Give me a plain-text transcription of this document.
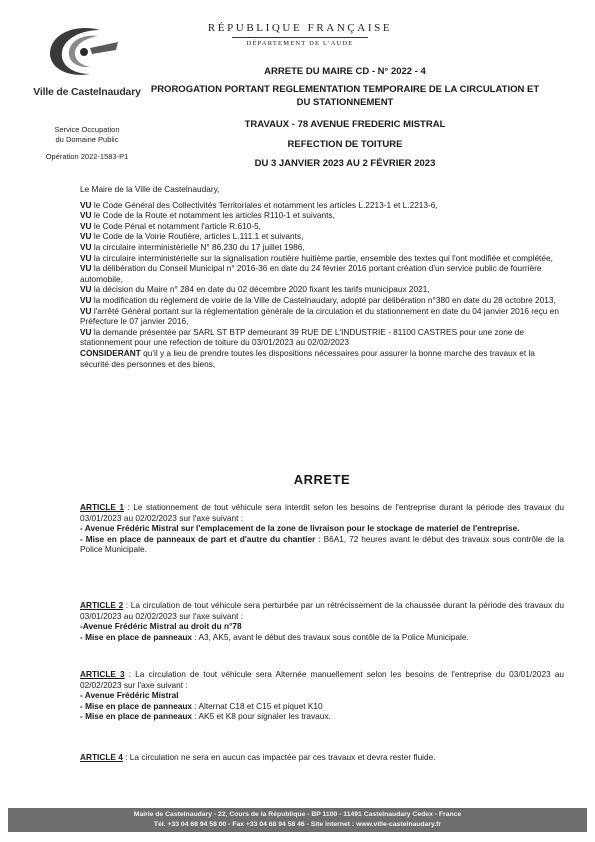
Ville de Castelnaudary
Service Occupation
du Domaine Public
Opération 2022-1583-P1
RÉPUBLIQUE FRANÇAISE
DÉPARTEMENT DE L'AUDE
ARRETE DU MAIRE CD - N° 2022 - 4
PROROGATION PORTANT REGLEMENTATION TEMPORAIRE DE LA CIRCULATION ET
DU STATIONNEMENT
TRAVAUX - 78 AVENUE FREDERIC MISTRAL
REFECTION DE TOITURE
DU 3 JANVIER 2023 AU 2 FÉVRIER 2023

Le Maire de la Ville de Castelnaudary,

VU le Code Général des Collectivités Territoriales et notamment les articles L.2213-1 et L.2213-6,

VU le Code de la Route et notamment les articles R110-1 et suivants,

VU le Code Pénal et notamment l'article R.610-5,

VU le Code de la Voirie Routière, articles L.111.1 et suivants,

VU la circulaire interministérielle N° 86.230 du 17 juillet 1986,

VU la circulaire interministérielle sur la signalisation routière huitième partie, ensemble des textes qui l'ont modifiée et complétée,

VU la délibération du Conseil Municipal n° 2016-36 en date du 24 février 2016 portant création d'un service public de fourrière automobile,

VU la décision du Maire n° 284 en date du 02 décembre 2020 fixant les tarifs municipaux 2021,

VU la modification du règlement de voirie de la Ville de Castelnaudary, adopté par délibération n°380 en date du 28 octobre 2013,

VU l'arrêté Général portant sur la réglementation générale de la circulation et du stationnement en date du 04 janvier 2016 reçu en Préfecture le 07 janvier 2016,

VU la demande présentée par SARL ST BTP demeurant 39 RUE DE L'INDUSTRIE - 81100 CASTRES pour une zone de stationnement pour une refection de toiture du 03/01/2023 au 02/02/2023

CONSIDERANT qu'il y a lieu de prendre toutes les dispositions nécessaires pour assurer la bonne marche des travaux et la sécurité des personnes et des biens,

ARRETE

ARTICLE 1 : Le stationnement de tout véhicule sera interdit selon les besoins de l'entreprise durant la période des travaux du 03/01/2023 au 02/02/2023 sur l'axe suivant :

- Avenue Frédéric Mistral sur l'emplacement de la zone de livraison pour le stockage de materiel de l'entreprise.

- Mise en place de panneaux de part et d'autre du chantier : B6A1, 72 heures avant le début des travaux sous contrôle de la Police Municipale.

ARTICLE 2 : La circulation de tout véhicule sera perturbée par un rétrécissement de la chaussée durant la période des travaux du 03/01/2023 au 02/02/2023 sur l'axe suivant :

-Avenue Frédéric Mistral au droit du n°78

- Mise en place de panneaux : A3, AK5, avant le début des travaux sous contôle de la Police Municipale.

ARTICLE 3 : La circulation de tout véhicule sera Alternée manuellement selon les besoins de l'entreprise du 03/01/2023 au 02/02/2023 sur l'axe suivant :

- Avenue Frédéric Mistral

- Mise en place de panneaux : Alternat C18 et C15 et piquet K10

- Mise en place de panneaux : AK5 et K8 pour signaler les travaux.

ARTICLE 4 : La circulation ne sera en aucun cas impactée par ces travaux et devra rester fluide.

Mairie de Castelnaudary - 22, Cours de la République - BP 1100 - 11491 Castelnaudary Cedex - France
Tél. +33 04 68 94 58 00 - Fax +33 04 68 94 58 46 - Site internet : www.ville-castelnaudary.fr
